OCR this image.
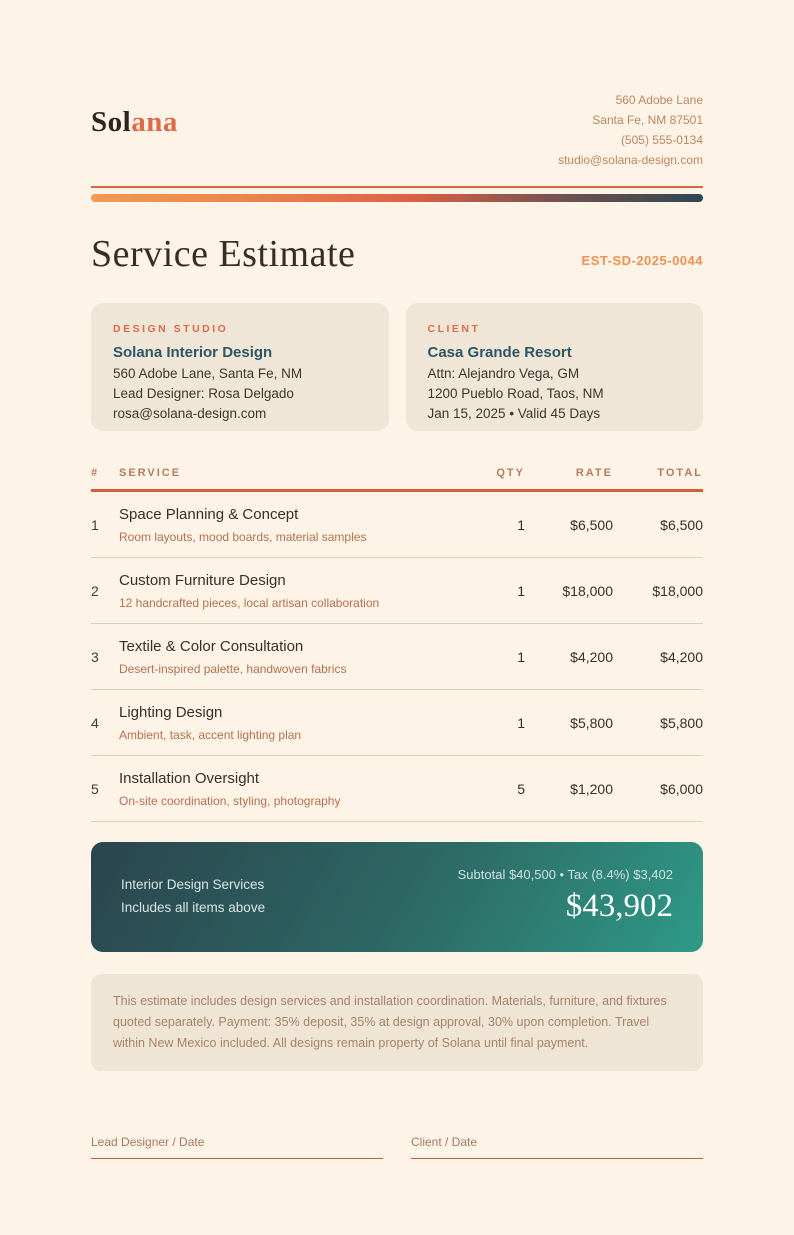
Solana
560 Adobe Lane
Santa Fe, NM 87501
(505) 555-0134
studio@solana-design.com
Service Estimate	EST-SD-2025-0044
DESIGN STUDIO
Solana Interior Design
560 Adobe Lane, Santa Fe, NM
Lead Designer: Rosa Delgado
rosa@solana-design.com
CLIENT
Casa Grande Resort
Attn: Alejandro Vega, GM
1200 Pueblo Road, Taos, NM
Jan 15, 2025 • Valid 45 Days
#	SERVICE	QTY	RATE	TOTAL
1
Space Planning & Concept
Room layouts, mood boards, material samples
1	$6,500	$6,500
2
Custom Furniture Design
12 handcrafted pieces, local artisan collaboration
1	$18,000	$18,000
3
Textile & Color Consultation
Desert-inspired palette, handwoven fabrics
1	$4,200	$4,200
4
Lighting Design
Ambient, task, accent lighting plan
1	$5,800	$5,800
5
Installation Oversight
On-site coordination, styling, photography
5	$1,200	$6,000
Interior Design Services
Includes all items above
Subtotal $40,500 • Tax (8.4%) $3,402
$43,902
This estimate includes design services and installation coordination. Materials, furniture, and fixtures quoted separately. Payment: 35% deposit, 35% at design approval, 30% upon completion. Travel within New Mexico included. All designs remain property of Solana until final payment.
Lead Designer / Date	Client / Date
